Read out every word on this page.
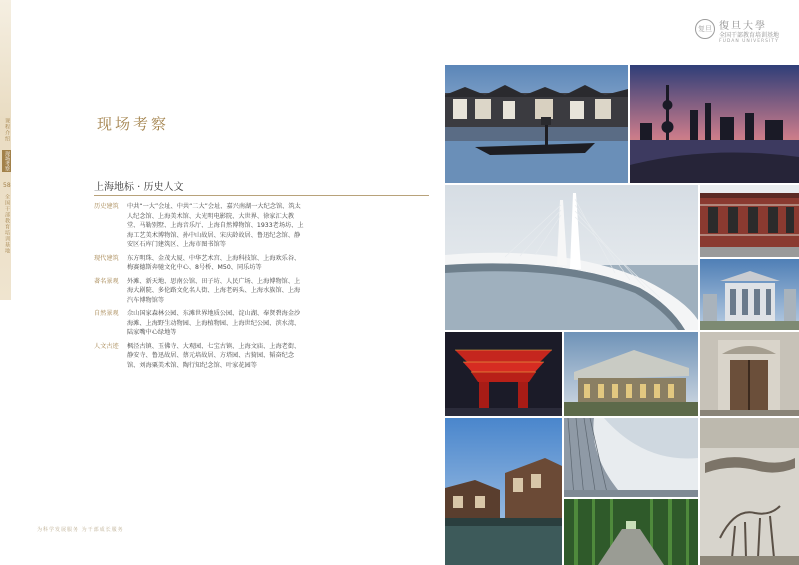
课程介绍
现场考察
58
全国干部教育培训基地
复旦 復旦大學
全国干部教育培训基地
FUDAN UNIVERSITY
现场考察
上海地标 · 历史人文
历史建筑	中共“一大”会址、中共“二大”会址、嘉兴南湖一大纪念馆、筑太人纪念馆、上海美术馆、大光明电影院、大世界、徐家汇大教堂、马勒别墅、上海音乐厅、上海自然博物馆、1933老场坊、上海工艺美术博物馆、孙中山故居、宋庆龄故居、鲁迅纪念馆、静安区石库门建筑区、上海市图书馆等
现代建筑	东方明珠、金茂大厦、中华艺术宫、上海科技馆、上海欢乐谷、梅赛德斯奔驰文化中心、8号桥、M50、同乐坊等
著名景观	外滩、新天地、思南公馆、田子坊、人民广场、上海博物馆、上海大剧院、多伦路文化名人街、上海老码头、上海水族馆、上海汽车博物馆等
自然景观	佘山国家森林公园、东滩世界地质公园、淀山湖、奉贤碧海金沙海滩、上海野生动物园、上海植物园、上海世纪公园、滨水湾、陆家嘴中心绿地等
人文古迹	枫泾古镇、玉佛寺、大观园、七宝古镇、上海文庙、上海老街、静安寺、鲁迅故居、蔡元培故居、方塔园、古猗园、韬奋纪念馆、刘海粟美术馆、陶行知纪念馆、叶家花园等
为科学发展服务 为干部成长服务
